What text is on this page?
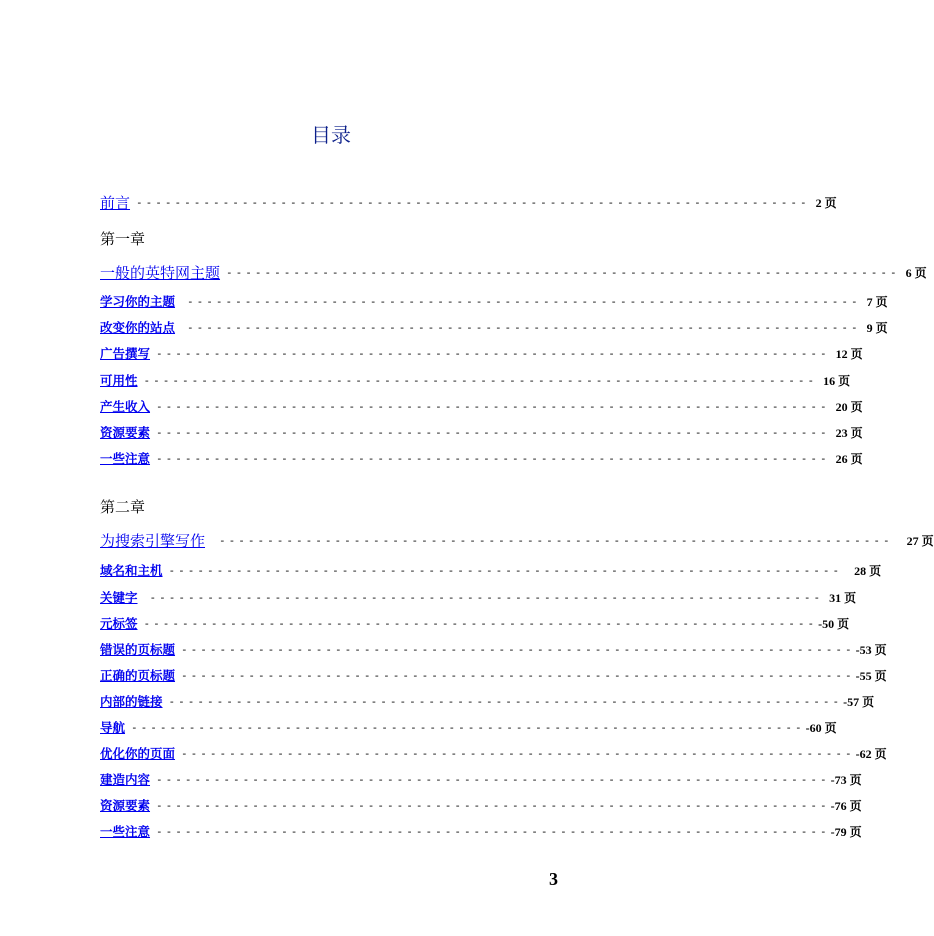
目录
前言 ---------------------------------------------------------------------- 2 页
第一章
一般的英特网主题 ---------------------------------------------------------------------- 6 页
学习你的主题	---------------------------------------------------------------------- 7 页
改变你的站点	---------------------------------------------------------------------- 9 页
广告撰写 ---------------------------------------------------------------------- 12 页
可用性 ---------------------------------------------------------------------- 16 页
产生收入 ---------------------------------------------------------------------- 20 页
资源要素 ---------------------------------------------------------------------- 23 页
一些注意 ---------------------------------------------------------------------- 26 页
第二章
为搜索引擎写作	----------------------------------------------------------------------	27 页
域名和主机 ----------------------------------------------------------------------	28 页
关键字	---------------------------------------------------------------------- 31 页
元标签 ---------------------------------------------------------------------- -50 页
错误的页标题 ---------------------------------------------------------------------- -53 页
正确的页标题 ---------------------------------------------------------------------- -55 页
内部的链接 ---------------------------------------------------------------------- -57 页
导航 ---------------------------------------------------------------------- -60 页
优化你的页面 ---------------------------------------------------------------------- -62 页
建造内容 ---------------------------------------------------------------------- -73 页
资源要素 ---------------------------------------------------------------------- -76 页
一些注意 ---------------------------------------------------------------------- -79 页
3
